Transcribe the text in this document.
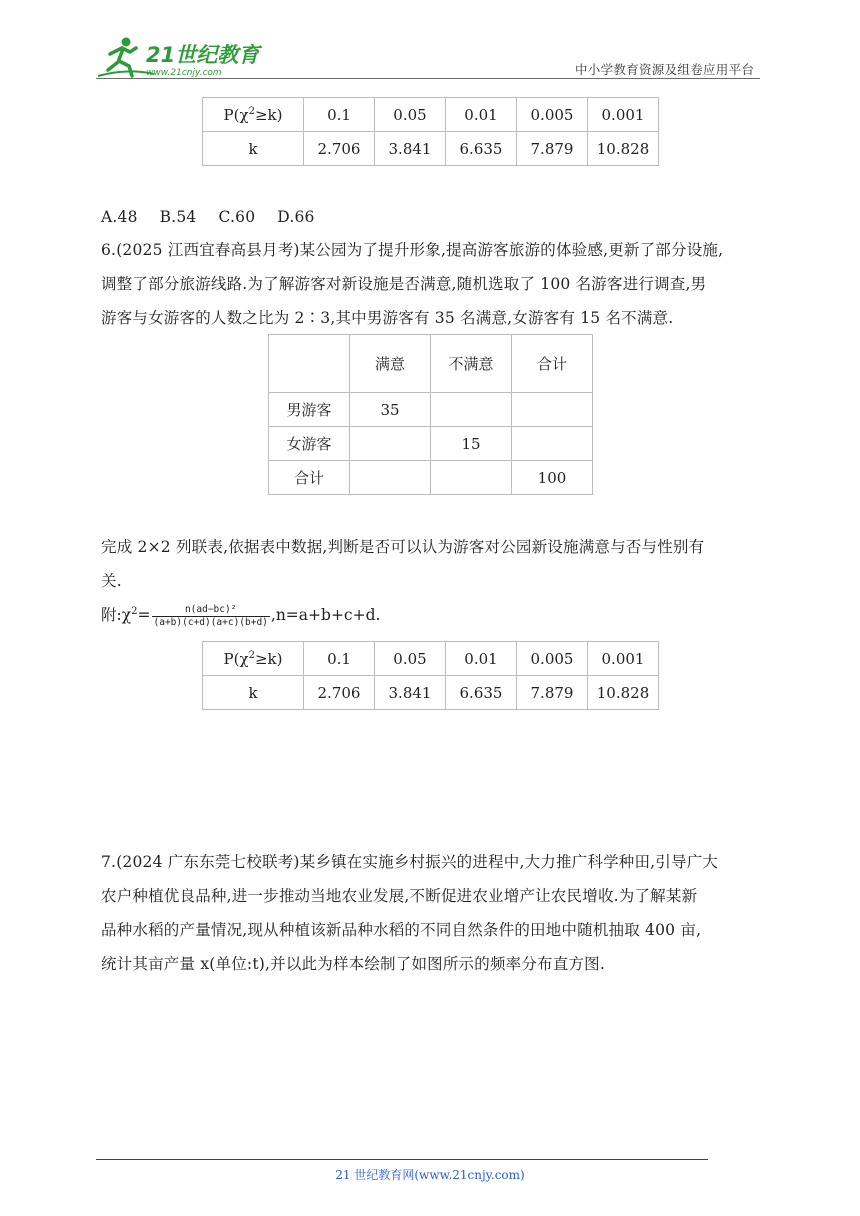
21世纪教育
www.21cnjy.com	中小学教育资源及组卷应用平台
$P(\chi^2\ge k)$	0.1	0.05	0.01	0.005	0.001
k	2.706	3.841	6.635	7.879	10.828
A.48 B.54 C.60 D.66
6.(2025 江西宜春高县月考)某公园为了提升形象,提高游客旅游的体验感,更新了部分设施,
调整了部分旅游线路.为了解游客对新设施是否满意,随机选取了 100 名游客进行调查,男
游客与女游客的人数之比为 2∶3,其中男游客有 35 名满意,女游客有 15 名不满意.
	满意	不满意	合计
男游客	35		
女游客		15	
合计			100
完成 2×2 列联表,依据表中数据,判断是否可以认为游客对公园新设施满意与否与性别有
关.
附$:\chi^2= \frac{\text{n(ad−bc)²}}{(a+b)(c+d)(a+c)(b+d)} ,n=a+b+c+d$.
$P(\chi^2\ge k)$	0.1	0.05	0.01	0.005	0.001
k	2.706	3.841	6.635	7.879	10.828
7.(2024 广东东莞七校联考)某乡镇在实施乡村振兴的进程中,大力推广科学种田,引导广大
农户种植优良品种,进一步推动当地农业发展,不断促进农业增产让农民增收.为了解某新
品种水稻的产量情况,现从种植该新品种水稻的不同自然条件的田地中随机抽取 400 亩,
统计其亩产量 x(单位:t),并以此为样本绘制了如图所示的频率分布直方图.
21 世纪教育网(www.21cnjy.com)
